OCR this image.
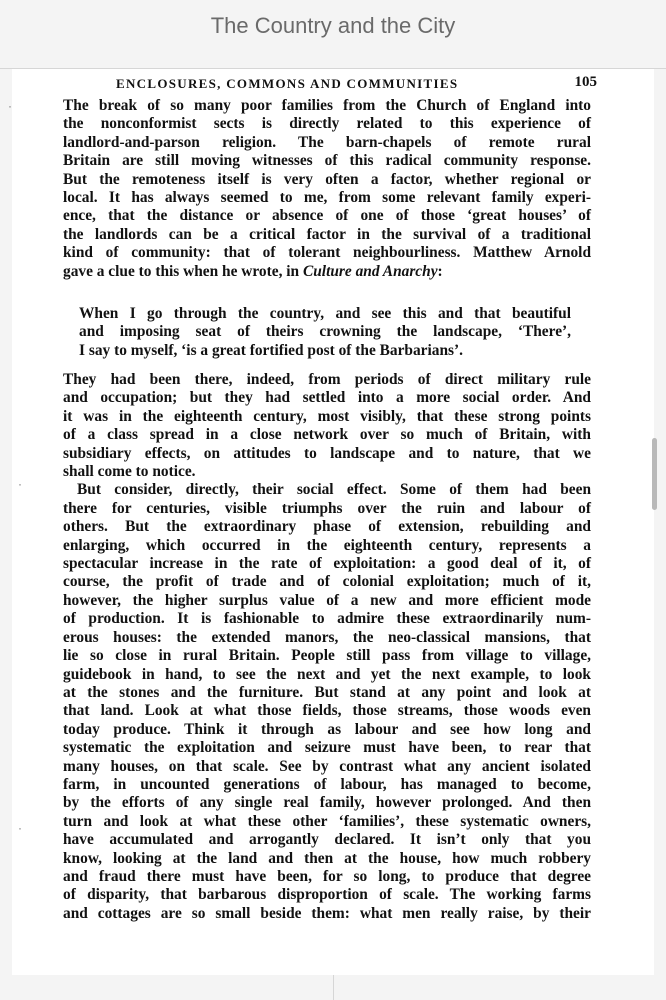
The Country and the City
ENCLOSURES, COMMONS AND COMMUNITIES	105
The break of so many poor families from the Church of England into
the nonconformist sects is directly related to this experience of
landlord-and-parson religion. The barn-chapels of remote rural
Britain are still moving witnesses of this radical community response.
But the remoteness itself is very often a factor, whether regional or
local. It has always seemed to me, from some relevant family experi-
ence, that the distance or absence of one of those ‘great houses’ of
the landlords can be a critical factor in the survival of a traditional
kind of community: that of tolerant neighbourliness. Matthew Arnold
gave a clue to this when he wrote, in Culture and Anarchy:
When I go through the country, and see this and that beautiful
and imposing seat of theirs crowning the landscape, ‘There’,
I say to myself, ‘is a great fortified post of the Barbarians’.
They had been there, indeed, from periods of direct military rule
and occupation; but they had settled into a more social order. And
it was in the eighteenth century, most visibly, that these strong points
of a class spread in a close network over so much of Britain, with
subsidiary effects, on attitudes to landscape and to nature, that we
shall come to notice.
But consider, directly, their social effect. Some of them had been
there for centuries, visible triumphs over the ruin and labour of
others. But the extraordinary phase of extension, rebuilding and
enlarging, which occurred in the eighteenth century, represents a
spectacular increase in the rate of exploitation: a good deal of it, of
course, the profit of trade and of colonial exploitation; much of it,
however, the higher surplus value of a new and more efficient mode
of production. It is fashionable to admire these extraordinarily num-
erous houses: the extended manors, the neo-classical mansions, that
lie so close in rural Britain. People still pass from village to village,
guidebook in hand, to see the next and yet the next example, to look
at the stones and the furniture. But stand at any point and look at
that land. Look at what those fields, those streams, those woods even
today produce. Think it through as labour and see how long and
systematic the exploitation and seizure must have been, to rear that
many houses, on that scale. See by contrast what any ancient isolated
farm, in uncounted generations of labour, has managed to become,
by the efforts of any single real family, however prolonged. And then
turn and look at what these other ‘families’, these systematic owners,
have accumulated and arrogantly declared. It isn’t only that you
know, looking at the land and then at the house, how much robbery
and fraud there must have been, for so long, to produce that degree
of disparity, that barbarous disproportion of scale. The working farms
and cottages are so small beside them: what men really raise, by their
·
·
·
